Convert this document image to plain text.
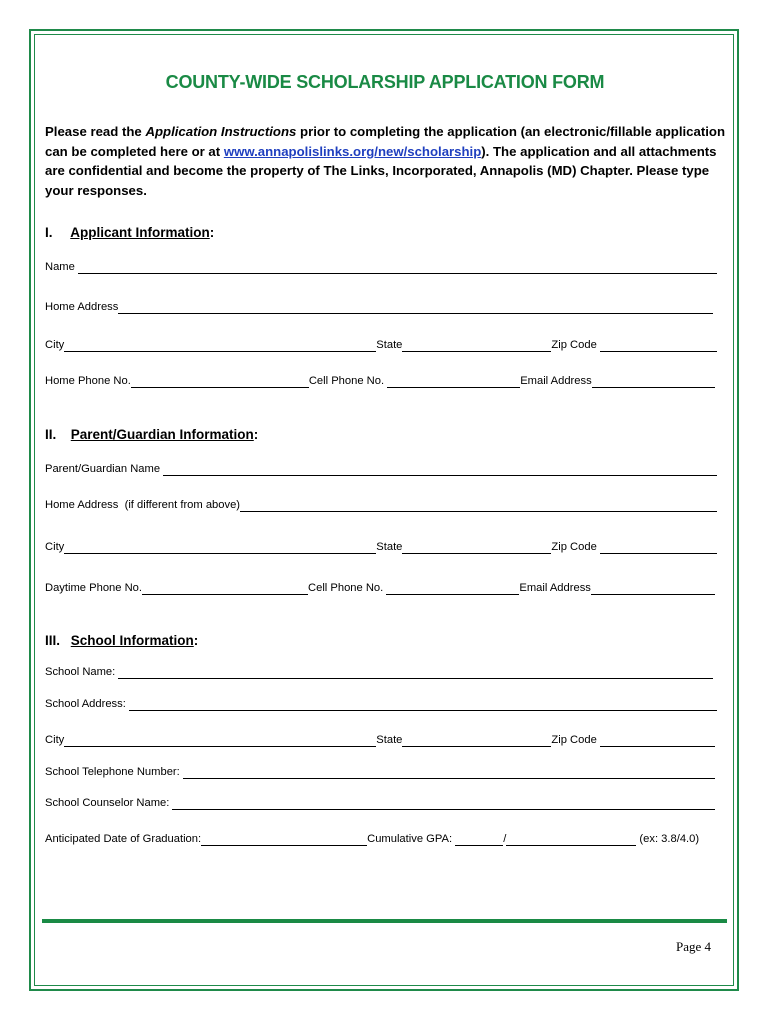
COUNTY-WIDE SCHOLARSHIP APPLICATION FORM
Please read the Application Instructions prior to completing the application (an electronic/fillable application can be completed here or at www.annapolislinks.org/new/scholarship). The application and all attachments are confidential and become the property of The Links, Incorporated, Annapolis (MD) Chapter. Please type your responses.
I. Applicant Information:
Name
Home Address
City	State	Zip Code
Home Phone No.	Cell Phone No.	Email Address
II. Parent/Guardian Information:
Parent/Guardian Name
Home Address  (if different from above)
City	State	Zip Code
Daytime Phone No.	Cell Phone No.	Email Address
III. School Information:
School Name:
School Address:
City	State	Zip Code
School Telephone Number:
School Counselor Name:
Anticipated Date of Graduation:	Cumulative GPA:	/	(ex: 3.8/4.0)
Page 4
